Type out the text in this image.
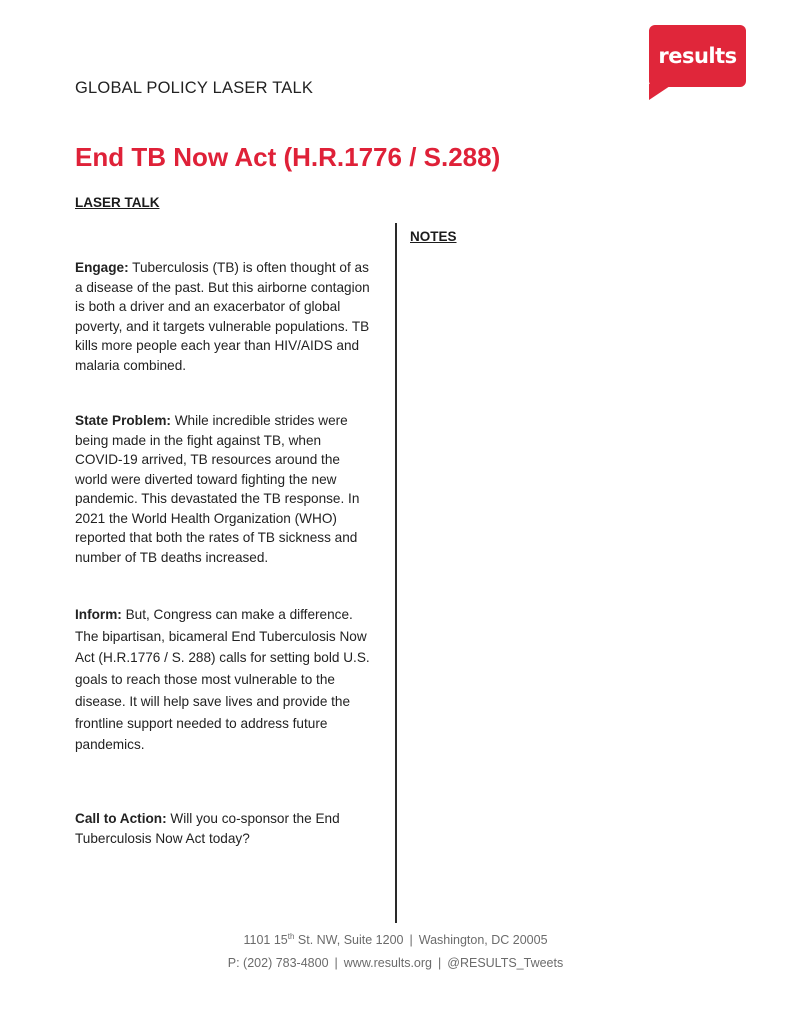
results
GLOBAL POLICY LASER TALK
End TB Now Act (H.R.1776 / S.288)
LASER TALK
NOTES

Engage: Tuberculosis (TB) is often thought of as a disease of the past. But this airborne contagion is both a driver and an exacerbator of global poverty, and it targets vulnerable populations. TB kills more people each year than HIV/AIDS and malaria combined.

State Problem: While incredible strides were being made in the fight against TB, when COVID-19 arrived, TB resources around the world were diverted toward fighting the new pandemic. This devastated the TB response. In 2021 the World Health Organization (WHO) reported that both the rates of TB sickness and number of TB deaths increased.

Inform: But, Congress can make a difference. The bipartisan, bicameral End Tuberculosis Now Act (H.R.1776 / S. 288) calls for setting bold U.S. goals to reach those most vulnerable to the disease. It will help save lives and provide the frontline support needed to address future pandemics.

Call to Action: Will you co-sponsor the End Tuberculosis Now Act today?

1101 15th St. NW, Suite 1200 | Washington, DC 20005
P: (202) 783-4800 | www.results.org | @RESULTS_Tweets
